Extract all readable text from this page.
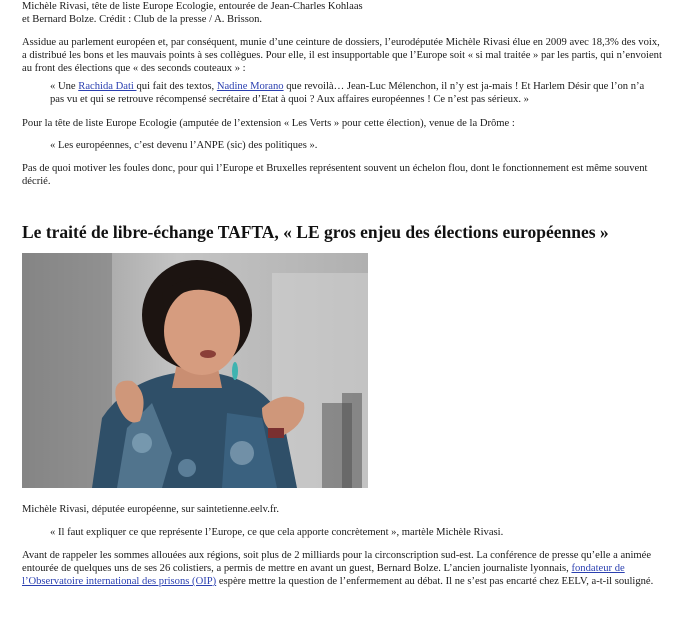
Michèle Rivasi, tête de liste Europe Ecologie, entourée de Jean-Charles Kohlaas
et Bernard Bolze. Crédit : Club de la presse / A. Brisson.

Assidue au parlement européen et, par conséquent, munie d’une ceinture de dossiers, l’eurodéputée Michèle Rivasi élue en 2009 avec 18,3% des voix, a distribué les bons et les mauvais points à ses collègues. Pour elle, il est insupportable que l’Europe soit « si mal traitée » par les partis, qui n’envoient au front des élections que « des seconds couteaux » :

« Une Rachida Dati qui fait des textos, Nadine Morano que revoilà… Jean-Luc Mélenchon, il n’y est ja-mais ! Et Harlem Désir que l’on n’a pas vu et qui se retrouve récompensé secrétaire d’Etat à quoi ? Aux affaires européennes ! Ce n’est pas sérieux. »

Pour la tête de liste Europe Ecologie (amputée de l’extension « Les Verts » pour cette élection), venue de la Drôme :

« Les européennes, c’est devenu l’ANPE (sic) des politiques ».

Pas de quoi motiver les foules donc, pour qui l’Europe et Bruxelles représentent souvent un échelon flou, dont le fonctionnement est même souvent décrié.

Le traité de libre-échange TAFTA, « LE gros enjeu des élections européennes »

Michèle Rivasi, députée européenne, sur saintetienne.eelv.fr.

« Il faut expliquer ce que représente l’Europe, ce que cela apporte concrètement », martèle Michèle Rivasi.

Avant de rappeler les sommes allouées aux régions, soit plus de 2 milliards pour la circonscription sud-est. La conférence de presse qu’elle a animée entourée de quelques uns de ses 26 colistiers, a permis de mettre en avant un guest, Bernard Bolze. L’ancien journaliste lyonnais, fondateur de l’Observatoire international des prisons (OIP) espère mettre la question de l’enfermement au débat. Il ne s’est pas encarté chez EELV, a-t-il souligné.
